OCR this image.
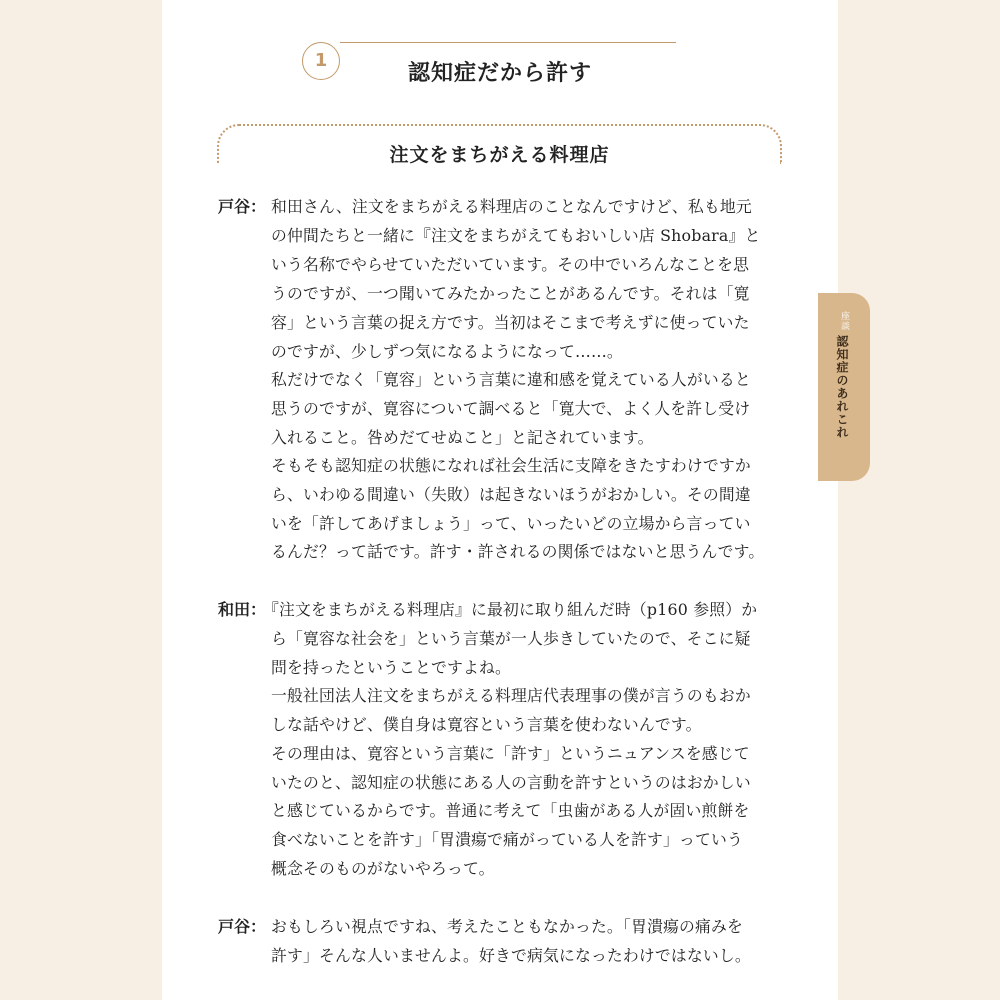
1
認知症だから許す
注文をまちがえる料理店
座談
認知症のあれこれ
戸谷： 和田さん、注文をまちがえる料理店のことなんですけど、私も地元
の仲間たちと一緒に『注文をまちがえてもおいしい店 Shobara』と
いう名称でやらせていただいています。その中でいろんなことを思
うのですが、一つ聞いてみたかったことがあるんです。それは「寛
容」という言葉の捉え方です。当初はそこまで考えずに使っていた
のですが、少しずつ気になるようになって……。
私だけでなく「寛容」という言葉に違和感を覚えている人がいると
思うのですが、寛容について調べると「寛大で、よく人を許し受け
入れること。咎めだてせぬこと」と記されています。
そもそも認知症の状態になれば社会生活に支障をきたすわけですか
ら、いわゆる間違い（失敗）は起きないほうがおかしい。その間違
いを「許してあげましょう」って、いったいどの立場から言ってい
るんだ？って話です。許す・許されるの関係ではないと思うんです。
和田：
『注文をまちがえる料理店』に最初に取り組んだ時（p160 参照）か
ら「寛容な社会を」という言葉が一人歩きしていたので、そこに疑
問を持ったということですよね。
一般社団法人注文をまちがえる料理店代表理事の僕が言うのもおか
しな話やけど、僕自身は寛容という言葉を使わないんです。
その理由は、寛容という言葉に「許す」というニュアンスを感じて
いたのと、認知症の状態にある人の言動を許すというのはおかしい
と感じているからです。普通に考えて「虫歯がある人が固い煎餅を
食べないことを許す」「胃潰瘍で痛がっている人を許す」っていう
概念そのものがないやろって。
戸谷： おもしろい視点ですね、考えたこともなかった。「胃潰瘍の痛みを
許す」そんな人いませんよ。好きで病気になったわけではないし。
